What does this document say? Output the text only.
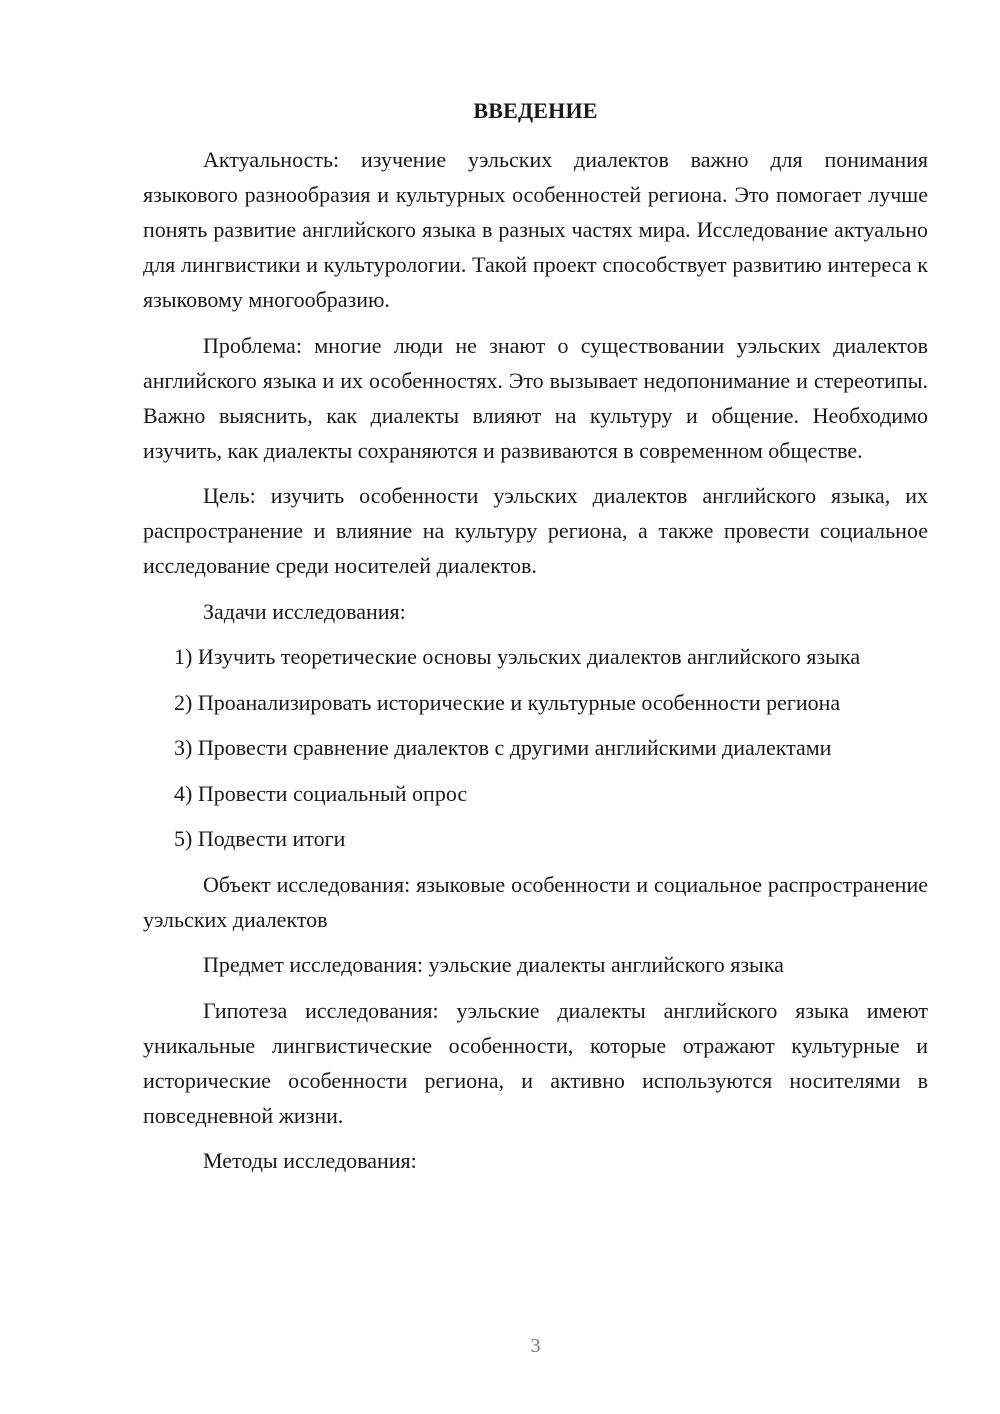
ВВЕДЕНИЕ

Актуальность: изучение уэльских диалектов важно для понимания языкового разнообразия и культурных особенностей региона. Это помогает лучше понять развитие английского языка в разных частях мира. Исследование актуально для лингвистики и культурологии. Такой проект способствует развитию интереса к языковому многообразию.

Проблема: многие люди не знают о существовании уэльских диалектов английского языка и их особенностях. Это вызывает недопонимание и стереотипы. Важно выяснить, как диалекты влияют на культуру и общение. Необходимо изучить, как диалекты сохраняются и развиваются в современном обществе.

Цель: изучить особенности уэльских диалектов английского языка, их распространение и влияние на культуру региона, а также провести социальное исследование среди носителей диалектов.

Задачи исследования:

1) Изучить теоретические основы уэльских диалектов английского языка

2) Проанализировать исторические и культурные особенности региона

3) Провести сравнение диалектов с другими английскими диалектами

4) Провести социальный опрос

5) Подвести итоги

Объект исследования: языковые особенности и социальное распространение уэльских диалектов

Предмет исследования: уэльские диалекты английского языка

Гипотеза исследования: уэльские диалекты английского языка имеют уникальные лингвистические особенности, которые отражают культурные и исторические особенности региона, и активно используются носителями в повседневной жизни.

Методы исследования:

3
